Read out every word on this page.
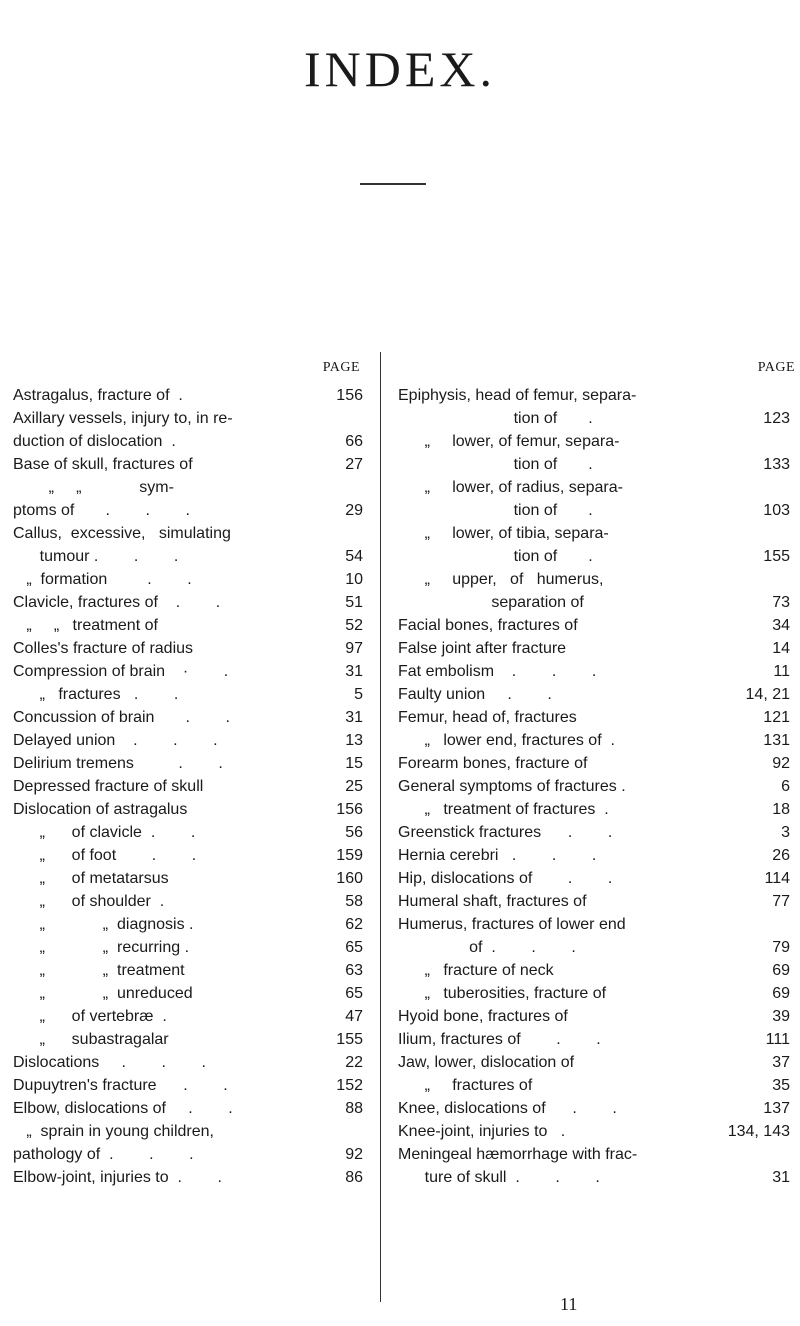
INDEX.
PAGE	PAGE
Astragalus, fracture of  .	156
Axillary vessels, injury to, in re-
duction of dislocation  .	66
Base of skull, fractures of	27
„     „             sym-
ptoms of       .        .        .	29
Callus,  excessive,   simulating
tumour .        .        .	54
„  formation         .        .	10
Clavicle, fractures of    .        .	51
„     „   treatment of	52
Colles's fracture of radius	97
Compression of brain    ·        .	31
„   fractures   .        .	5
Concussion of brain       .        .	31
Delayed union    .        .        .	13
Delirium tremens          .        .	15
Depressed fracture of skull	25
Dislocation of astragalus	156
„      of clavicle  .        .	56
„      of foot        .        .	159
„      of metatarsus	160
„      of shoulder  .	58
„             „  diagnosis .	62
„             „  recurring .	65
„             „  treatment	63
„             „  unreduced	65
„      of vertebræ  .	47
„      subastragalar	155
Dislocations     .        .        .	22
Dupuytren's fracture      .        .	152
Elbow, dislocations of     .        .	88
„  sprain in young children,
pathology of  .        .        .	92
Elbow-joint, injuries to  .        .	86
Epiphysis, head of femur, separa-
tion of       .	123
„     lower, of femur, separa-
tion of       .	133
„     lower, of radius, separa-
tion of       .	103
„     lower, of tibia, separa-
tion of       .	155
„     upper,   of   humerus,
separation of	73
Facial bones, fractures of	34
False joint after fracture	14
Fat embolism    .        .        .	11
Faulty union     .        .	14, 21
Femur, head of, fractures	121
„   lower end, fractures of  .	131
Forearm bones, fracture of	92
General symptoms of fractures .	6
„   treatment of fractures  .	18
Greenstick fractures      .        .	3
Hernia cerebri   .        .        .	26
Hip, dislocations of        .        .	114
Humeral shaft, fractures of	77
Humerus, fractures of lower end
of  .        .        .	79
„   fracture of neck	69
„   tuberosities, fracture of	69
Hyoid bone, fractures of	39
Ilium, fractures of        .        .	111
Jaw, lower, dislocation of	37
„     fractures of	35
Knee, dislocations of      .        .	137
Knee-joint, injuries to   .	134, 143
Meningeal hæmorrhage with frac-
ture of skull  .        .        .	31
11
